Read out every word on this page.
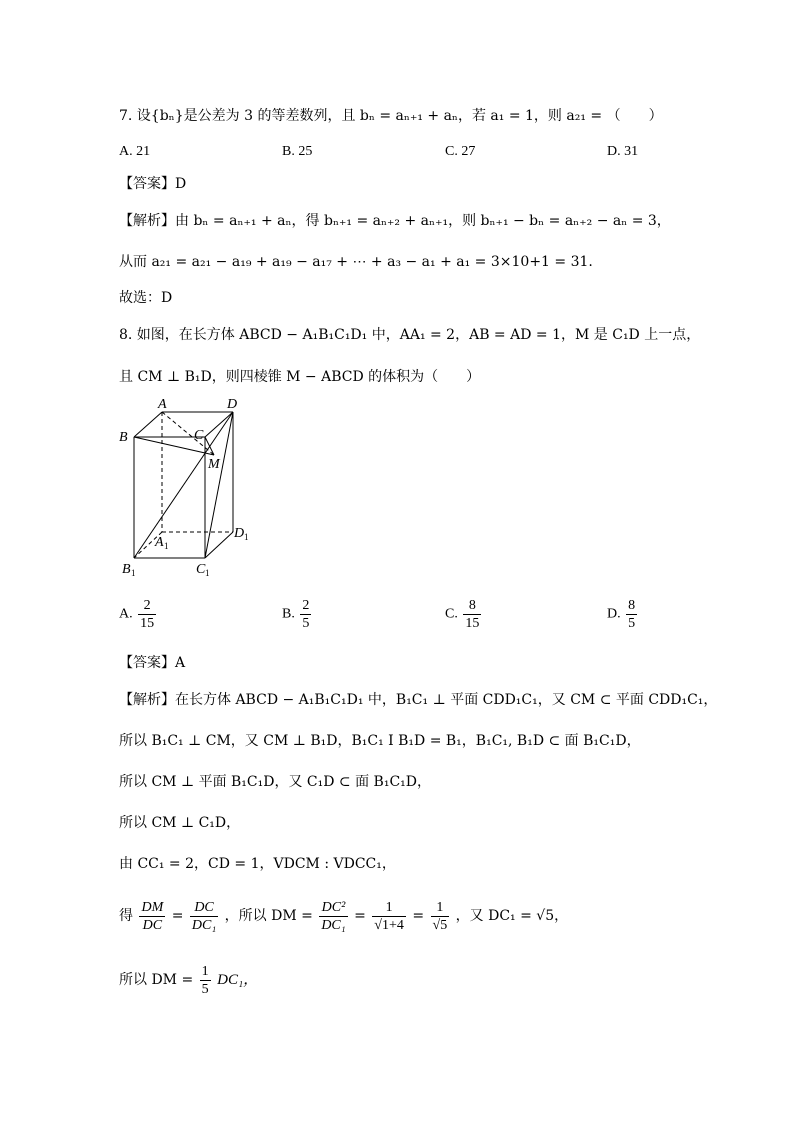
7. 设{bₙ}是公差为 3 的等差数列，且 bₙ = aₙ₊₁ + aₙ，若 a₁ = 1，则 a₂₁ = （　　）
A. 21	B. 25	C. 27	D. 31
【答案】D
【解析】由 bₙ = aₙ₊₁ + aₙ，得 bₙ₊₁ = aₙ₊₂ + aₙ₊₁，则 bₙ₊₁ − bₙ = aₙ₊₂ − aₙ = 3，
从而 a₂₁ = a₂₁ − a₁₉ + a₁₉ − a₁₇ + ⋯ + a₃ − a₁ + a₁ = 3×10+1 = 31.
故选：D
8. 如图，在长方体 ABCD − A₁B₁C₁D₁ 中，AA₁ = 2，AB = AD = 1，M 是 C₁D 上一点，
且 CM ⊥ B₁D，则四棱锥 M − ABCD 的体积为（　　）
A	D
B	C
M
A 1
D 1
B 1	C 1
A. $\frac{2}{15}$	B. $\frac{2}{5}$	C. $\frac{8}{15}$	D. $\frac{8}{5}$
【答案】A
【解析】在长方体 ABCD − A₁B₁C₁D₁ 中，B₁C₁ ⊥ 平面 CDD₁C₁，又 CM ⊂ 平面 CDD₁C₁，
所以 B₁C₁ ⊥ CM，又 CM ⊥ B₁D，B₁C₁ I B₁D = B₁，B₁C₁, B₁D ⊂ 面 B₁C₁D，
所以 CM ⊥ 平面 B₁C₁D，又 C₁D ⊂ 面 B₁C₁D，
所以 CM ⊥ C₁D，
由 CC₁ = 2，CD = 1，VDCM : VDCC₁，
得 $\frac{DM}{DC} = \frac{DC}{\text{DC₁}}$ ，所以 DM = $\frac{\text{DC²}}{\text{DC₁}} = \frac{1}{√1+4} = \frac{1}{√5}$ ，又 DC₁ = √5，
所以 DM = $\frac{1}{5} DC_1$，
